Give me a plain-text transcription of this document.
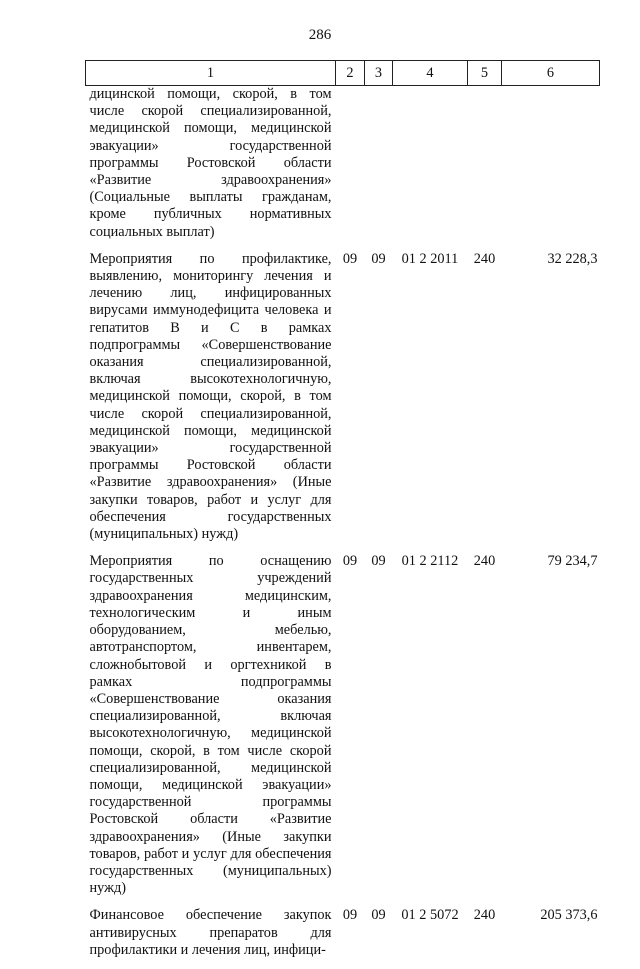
286
1	2	3	4	5	6
дицинской помощи, скорой, в том числе скорой специализированной, медицинской помощи, медицинской эвакуации» государственной программы Ростовской области «Развитие здравоохранения» (Социальные выплаты гражданам, кроме публичных нормативных социальных выплат)					
Мероприятия по профилактике, выявлению, мониторингу лечения и лечению лиц, инфицированных вирусами иммунодефицита человека и гепатитов B и C в рамках подпрограммы «Совершенствование оказания специализированной, включая высокотехнологичную, медицинской помощи, скорой, в том числе скорой специализированной, медицинской помощи, медицинской эвакуации» государственной программы Ростовской области «Развитие здравоохранения» (Иные закупки товаров, работ и услуг для обеспечения государственных (муниципальных) нужд)	09	09	01 2 2011	240	32 228,3
Мероприятия по оснащению государственных учреждений здравоохранения медицинским, технологическим и иным оборудованием, мебелью, автотранспортом, инвентарем, сложнобытовой и оргтехникой в рамках подпрограммы «Совершенствование оказания специализированной, включая высокотехнологичную, медицинской помощи, скорой, в том числе скорой специализированной, медицинской помощи, медицинской эвакуации» государственной программы Ростовской области «Развитие здравоохранения» (Иные закупки товаров, работ и услуг для обеспечения государственных (муниципальных) нужд)	09	09	01 2 2112	240	79 234,7
Финансовое обеспечение закупок антивирусных препаратов для профилактики и лечения лиц, инфици-	09	09	01 2 5072	240	205 373,6
